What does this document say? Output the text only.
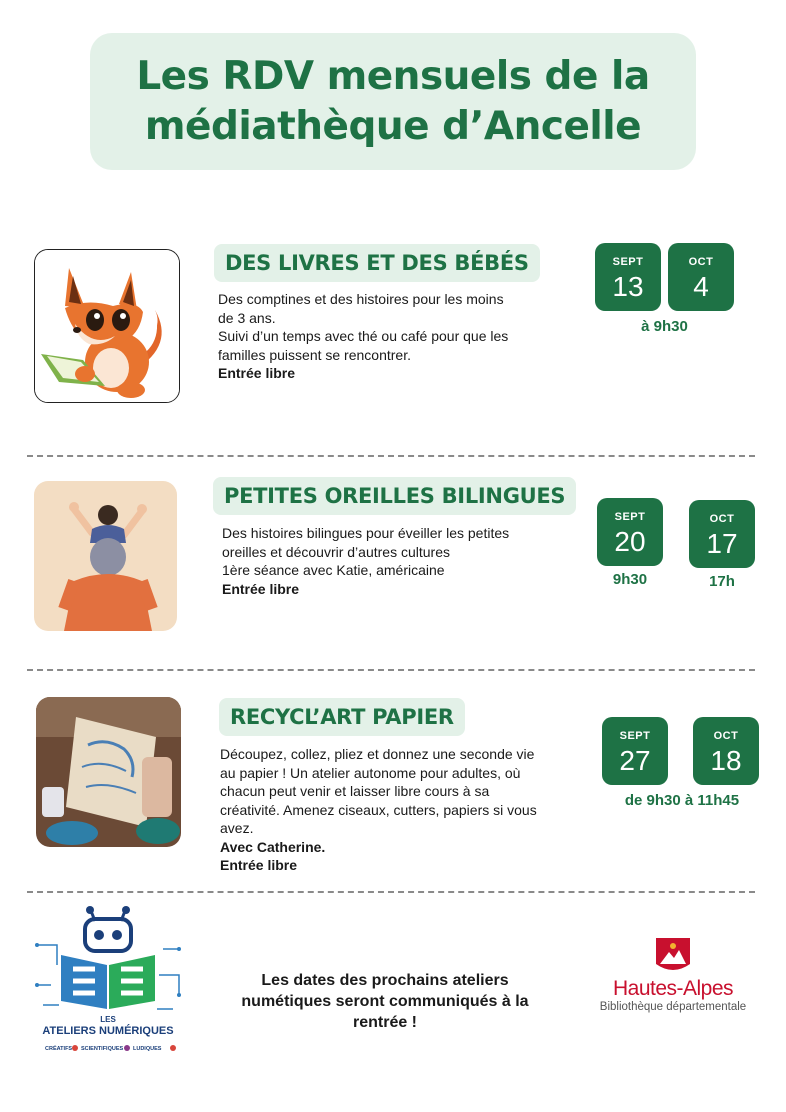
Les RDV mensuels de la
médiathèque d’Ancelle
DES LIVRES ET DES BÉBÉS
Des comptines et des histoires pour les moins
de 3 ans.
Suivi d’un temps avec thé ou café pour que les
familles puissent se rencontrer.
Entrée libre
SEPT
13
OCT
4
à 9h30
PETITES OREILLES BILINGUES
Des histoires bilingues pour éveiller les petites
oreilles et découvrir d’autres cultures
1ère séance avec Katie, américaine
Entrée libre
SEPT
20
9h30
OCT
17
17h
RECYCL’ART PAPIER
Découpez, collez, pliez et donnez une seconde vie
au papier ! Un atelier autonome pour adultes, où
chacun peut venir et laisser libre cours à sa
créativité. Amenez ciseaux, cutters, papiers si vous
avez.
Avec Catherine.
Entrée libre
SEPT
27
OCT
18
de 9h30 à 11h45
LES
ATELIERS NUMÉRIQUES
CRÉATIFS SCIENTIFIQUES LUDIQUES
Les dates des prochains ateliers
numétiques seront communiqués à la
rentrée !
Hautes-Alpes
Bibliothèque départementale
